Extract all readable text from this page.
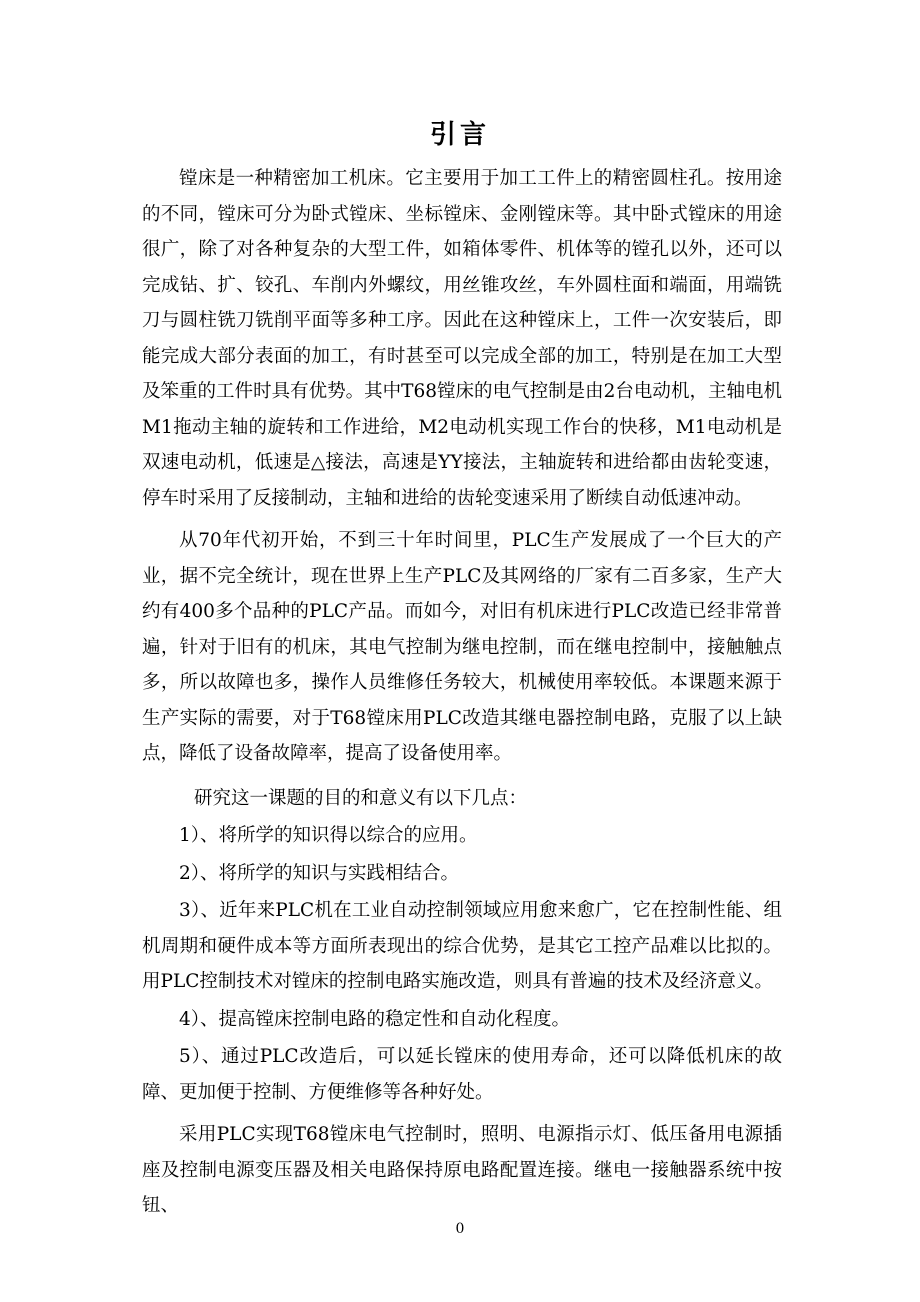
引言

镗床是一种精密加工机床。它主要用于加工工件上的精密圆柱孔。按用途的不同，镗床可分为卧式镗床、坐标镗床、金刚镗床等。其中卧式镗床的用途很广，除了对各种复杂的大型工件，如箱体零件、机体等的镗孔以外，还可以完成钻、扩、铰孔、车削内外螺纹，用丝锥攻丝，车外圆柱面和端面，用端铣刀与圆柱铣刀铣削平面等多种工序。因此在这种镗床上，工件一次安装后，即能完成大部分表面的加工，有时甚至可以完成全部的加工，特别是在加工大型及笨重的工件时具有优势。其中T68镗床的电气控制是由2台电动机，主轴电机M1拖动主轴的旋转和工作进给，M2电动机实现工作台的快移，M1电动机是双速电动机，低速是△接法，高速是YY接法，主轴旋转和进给都由齿轮变速，停车时采用了反接制动，主轴和进给的齿轮变速采用了断续自动低速冲动。

从70年代初开始，不到三十年时间里，PLC生产发展成了一个巨大的产业，据不完全统计，现在世界上生产PLC及其网络的厂家有二百多家，生产大约有400多个品种的PLC产品。而如今，对旧有机床进行PLC改造已经非常普遍，针对于旧有的机床，其电气控制为继电控制，而在继电控制中，接触触点多，所以故障也多，操作人员维修任务较大，机械使用率较低。本课题来源于生产实际的需要，对于T68镗床用PLC改造其继电器控制电路，克服了以上缺点，降低了设备故障率，提高了设备使用率。

研究这一课题的目的和意义有以下几点：

1）、将所学的知识得以综合的应用。

2）、将所学的知识与实践相结合。

3）、近年来PLC机在工业自动控制领域应用愈来愈广，它在控制性能、组机周期和硬件成本等方面所表现出的综合优势，是其它工控产品难以比拟的。用PLC控制技术对镗床的控制电路实施改造，则具有普遍的技术及经济意义。

4）、提高镗床控制电路的稳定性和自动化程度。

5）、通过PLC改造后，可以延长镗床的使用寿命，还可以降低机床的故障、更加便于控制、方便维修等各种好处。

采用PLC实现T68镗床电气控制时，照明、电源指示灯、低压备用电源插座及控制电源变压器及相关电路保持原电路配置连接。继电一接触器系统中按钮、

0
